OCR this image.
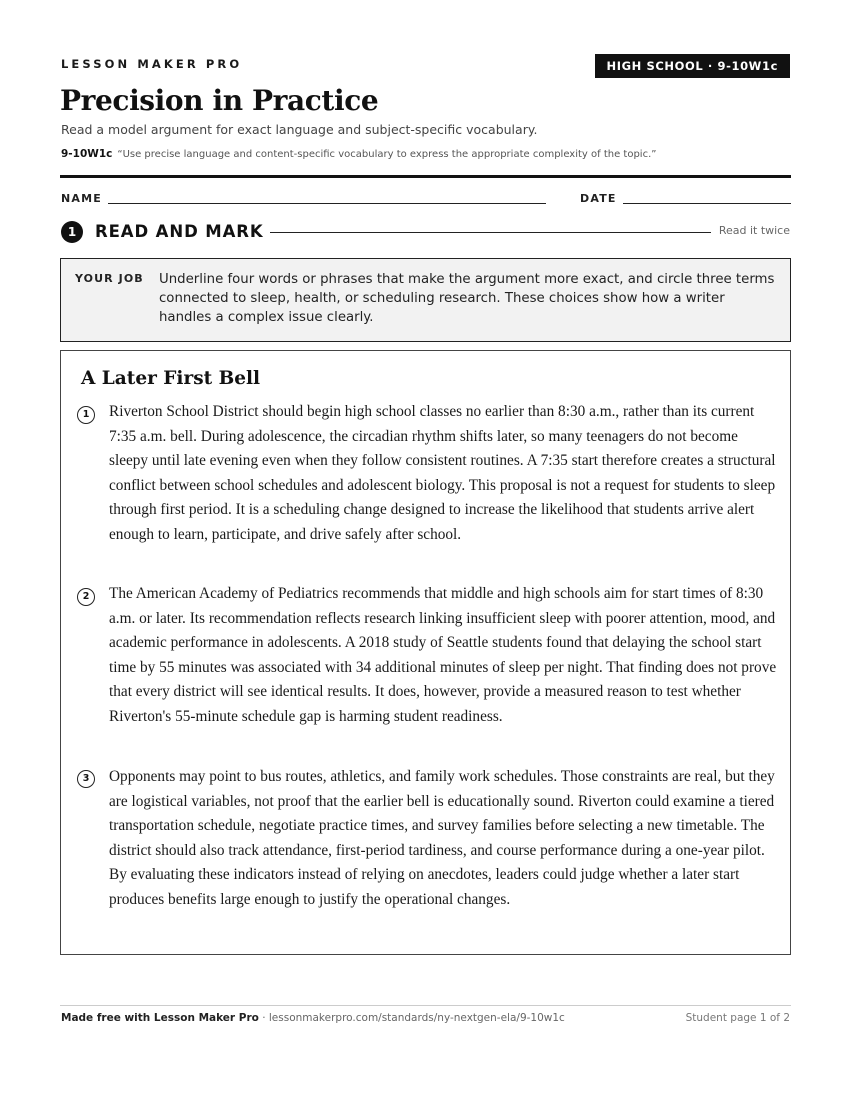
LESSON MAKER PRO	HIGH SCHOOL · 9-10W1c
Precision in Practice
Read a model argument for exact language and subject-specific vocabulary.
9-10W1c “Use precise language and content-specific vocabulary to express the appropriate complexity of the topic.”
NAME	DATE
1	READ AND MARK	Read it twice
YOUR JOB Underline four words or phrases that make the argument more exact, and circle three terms connected to sleep, health, or scheduling research. These choices show how a writer handles a complex issue clearly.
A Later First Bell
1	Riverton School District should begin high school classes no earlier than 8:30 a.m., rather than its current 7:35 a.m. bell. During adolescence, the circadian rhythm shifts later, so many teenagers do not become sleepy until late evening even when they follow consistent routines. A 7:35 start therefore creates a structural conflict between school schedules and adolescent biology. This proposal is not a request for students to sleep through first period. It is a scheduling change designed to increase the likelihood that students arrive alert enough to learn, participate, and drive safely after school.
2	The American Academy of Pediatrics recommends that middle and high schools aim for start times of 8:30 a.m. or later. Its recommendation reflects research linking insufficient sleep with poorer attention, mood, and academic performance in adolescents. A 2018 study of Seattle students found that delaying the school start time by 55 minutes was associated with 34 additional minutes of sleep per night. That finding does not prove that every district will see identical results. It does, however, provide a measured reason to test whether Riverton's 55-minute schedule gap is harming student readiness.
3	Opponents may point to bus routes, athletics, and family work schedules. Those constraints are real, but they are logistical variables, not proof that the earlier bell is educationally sound. Riverton could examine a tiered transportation schedule, negotiate practice times, and survey families before selecting a new timetable. The district should also track attendance, first-period tardiness, and course performance during a one-year pilot. By evaluating these indicators instead of relying on anecdotes, leaders could judge whether a later start produces benefits large enough to justify the operational changes.
Made free with Lesson Maker Pro · lessonmakerpro.com/standards/ny-nextgen-ela/9-10w1c	Student page 1 of 2
